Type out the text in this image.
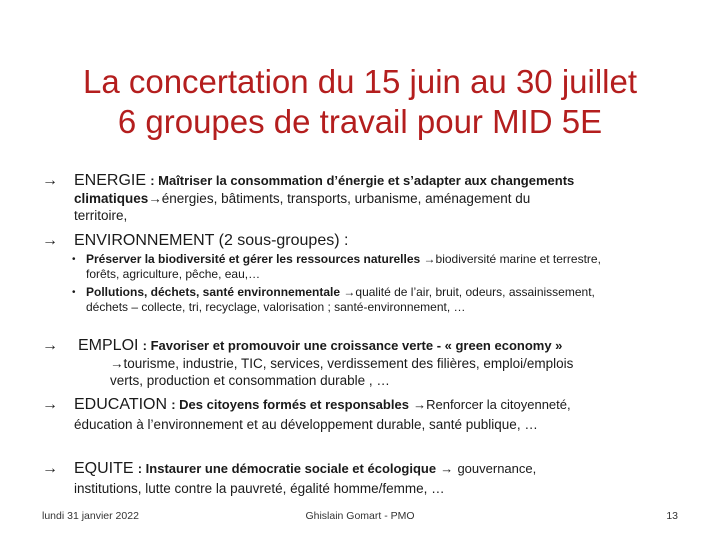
La concertation du 15 juin au 30 juillet
6 groupes de travail pour MID 5E
→ ENERGIE : Maîtriser la consommation d’énergie et s’adapter aux changements
climatiques→énergies, bâtiments, transports, urbanisme, aménagement du
territoire,
→ ENVIRONNEMENT (2 sous-groupes) :
• Préserver la biodiversité et gérer les ressources naturelles →biodiversité marine et terrestre,
forêts, agriculture, pêche, eau,…
• Pollutions, déchets, santé environnementale →qualité de l’air, bruit, odeurs, assainissement,
déchets – collecte, tri, recyclage, valorisation ; santé-environnement, …
→ EMPLOI : Favoriser et promouvoir une croissance verte - « green economy »
→tourisme, industrie, TIC, services, verdissement des filières, emploi/emplois
verts, production et consommation durable , …
→ EDUCATION : Des citoyens formés et responsables →Renforcer la citoyenneté,
éducation à l’environnement et au développement durable, santé publique, …
→ EQUITE : Instaurer une démocratie sociale et écologique → gouvernance,
institutions, lutte contre la pauvreté, égalité homme/femme, …
lundi 31 janvier 2022	Ghislain Gomart - PMO	13
